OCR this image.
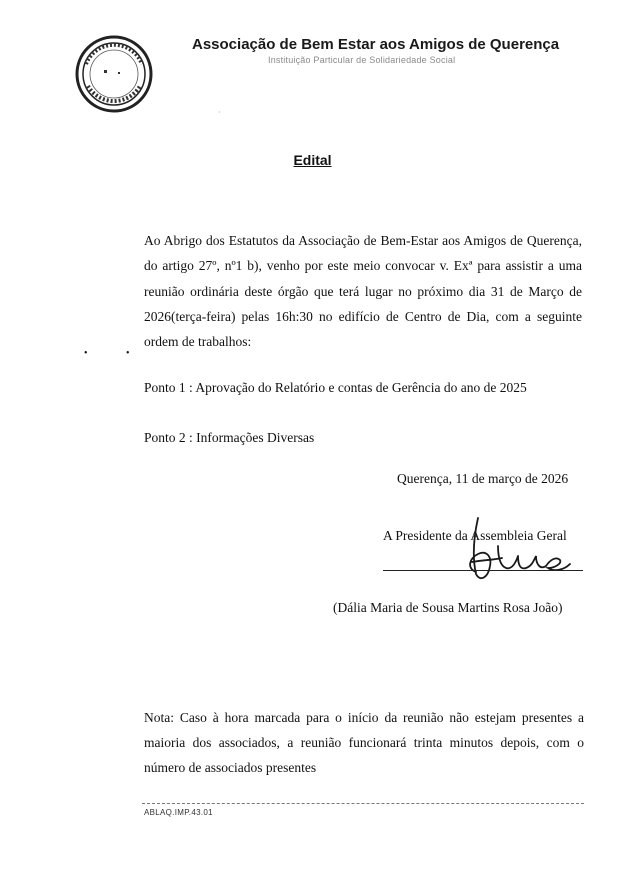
Associação de Bem Estar aos Amigos de Querença
Instituição Particular de Solidariedade Social
·
Edital
Ao Abrigo dos Estatutos da Associação de Bem-Estar aos Amigos de Querença, do artigo 27º, nº1 b), venho por este meio convocar v. Exª para assistir a uma reunião ordinária deste órgão que terá lugar no próximo dia 31 de Março de 2026(terça-feira) pelas 16h:30 no edifício de Centro de Dia, com a seguinte ordem de trabalhos:
• •
Ponto 1 : Aprovação do Relatório e contas de Gerência do ano de 2025
Ponto 2 : Informações Diversas
Querença, 11 de março de 2026
A Presidente da Assembleia Geral
(Dália Maria de Sousa Martins Rosa João)
Nota: Caso à hora marcada para o início da reunião não estejam presentes a maioria dos associados, a reunião funcionará trinta minutos depois, com o número de associados presentes
ABLAQ.IMP.43.01
